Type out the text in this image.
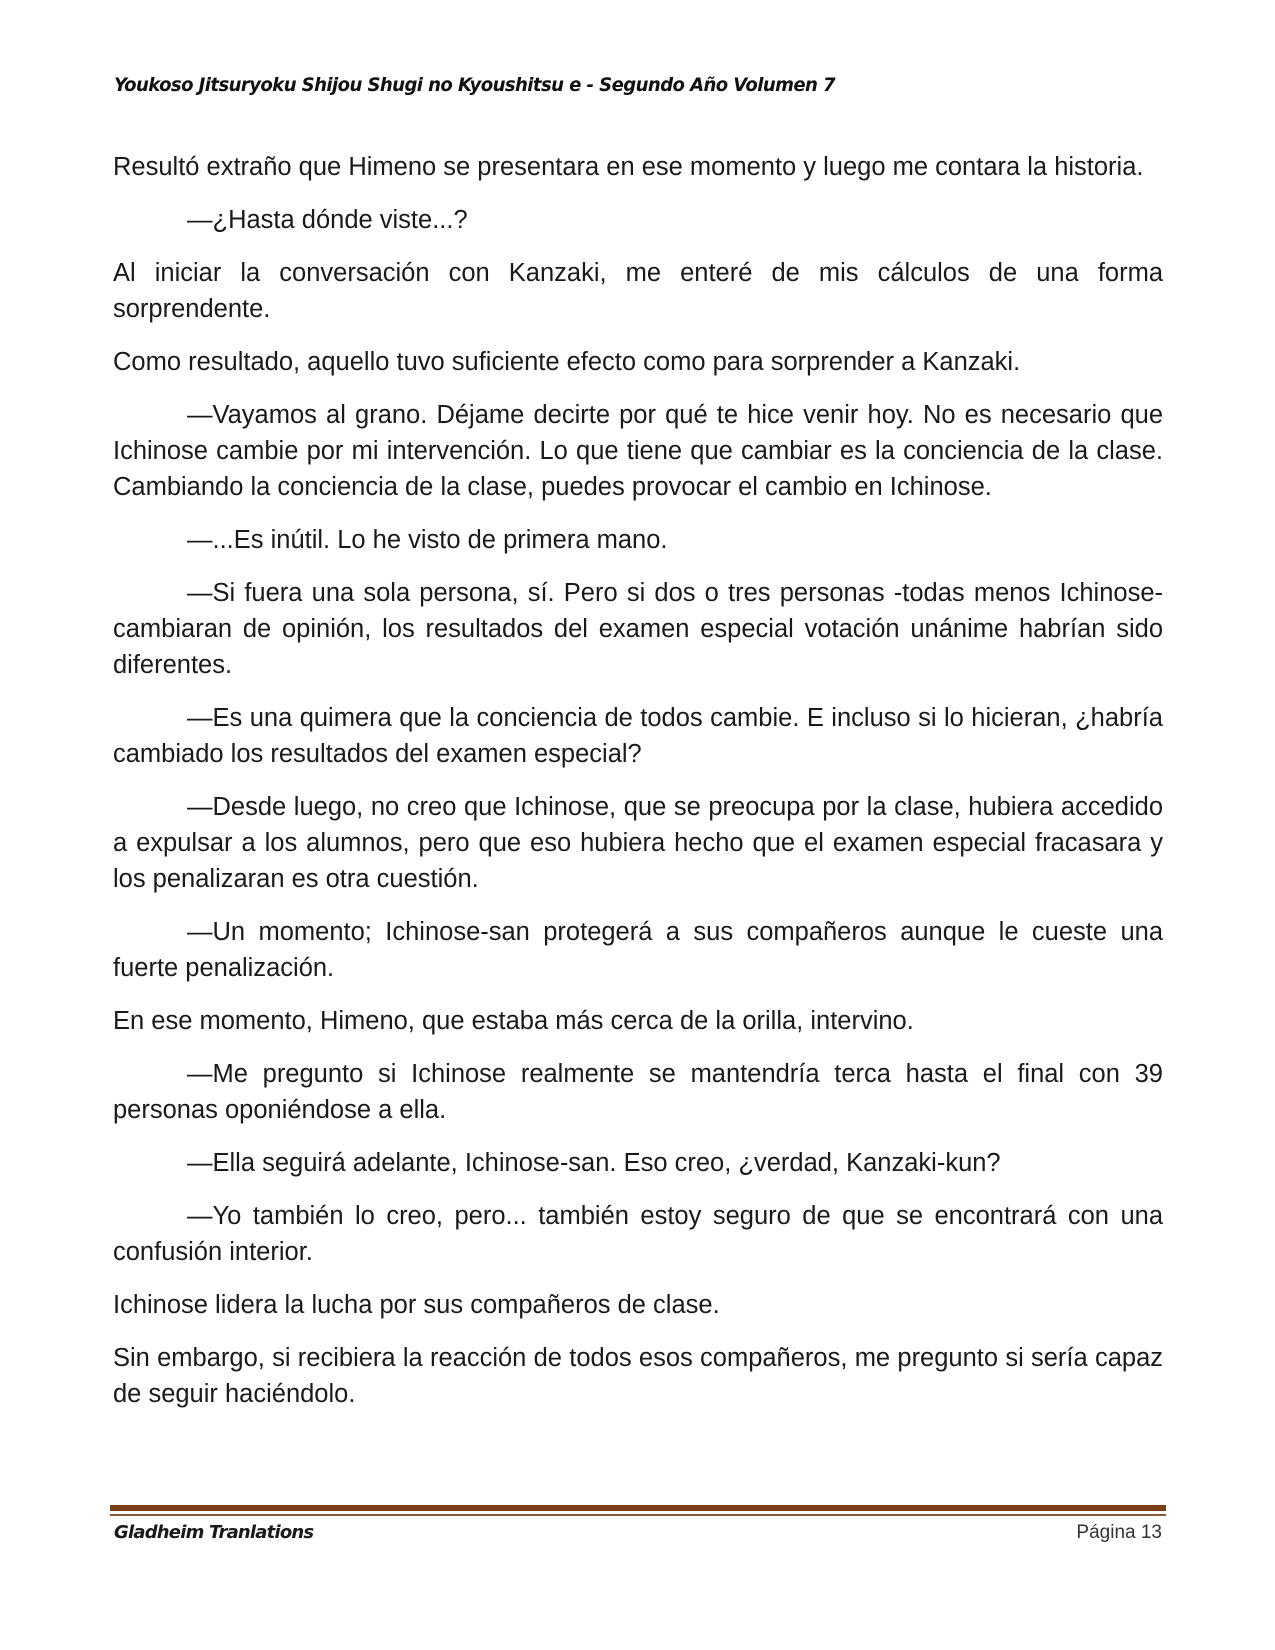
Youkoso Jitsuryoku Shijou Shugi no Kyoushitsu e - Segundo Año Volumen 7

Resultó extraño que Himeno se presentara en ese momento y luego me contara la historia.

—¿Hasta dónde viste...?

Al iniciar la conversación con Kanzaki, me enteré de mis cálculos de una forma sorprendente.

Como resultado, aquello tuvo suficiente efecto como para sorprender a Kanzaki.

—Vayamos al grano. Déjame decirte por qué te hice venir hoy. No es necesario que Ichinose cambie por mi intervención. Lo que tiene que cambiar es la conciencia de la clase. Cambiando la conciencia de la clase, puedes provocar el cambio en Ichinose.

—...Es inútil. Lo he visto de primera mano.

—Si fuera una sola persona, sí. Pero si dos o tres personas -todas menos Ichinose- cambiaran de opinión, los resultados del examen especial votación unánime habrían sido diferentes.

—Es una quimera que la conciencia de todos cambie. E incluso si lo hicieran, ¿habría cambiado los resultados del examen especial?

—Desde luego, no creo que Ichinose, que se preocupa por la clase, hubiera accedido a expulsar a los alumnos, pero que eso hubiera hecho que el examen especial fracasara y los penalizaran es otra cuestión.

—Un momento; Ichinose-san protegerá a sus compañeros aunque le cueste una fuerte penalización.

En ese momento, Himeno, que estaba más cerca de la orilla, intervino.

—Me pregunto si Ichinose realmente se mantendría terca hasta el final con 39 personas oponiéndose a ella.

—Ella seguirá adelante, Ichinose-san. Eso creo, ¿verdad, Kanzaki-kun?

—Yo también lo creo, pero... también estoy seguro de que se encontrará con una confusión interior.

Ichinose lidera la lucha por sus compañeros de clase.

Sin embargo, si recibiera la reacción de todos esos compañeros, me pregunto si sería capaz de seguir haciéndolo.

Gladheim Tranlations	Página 13
